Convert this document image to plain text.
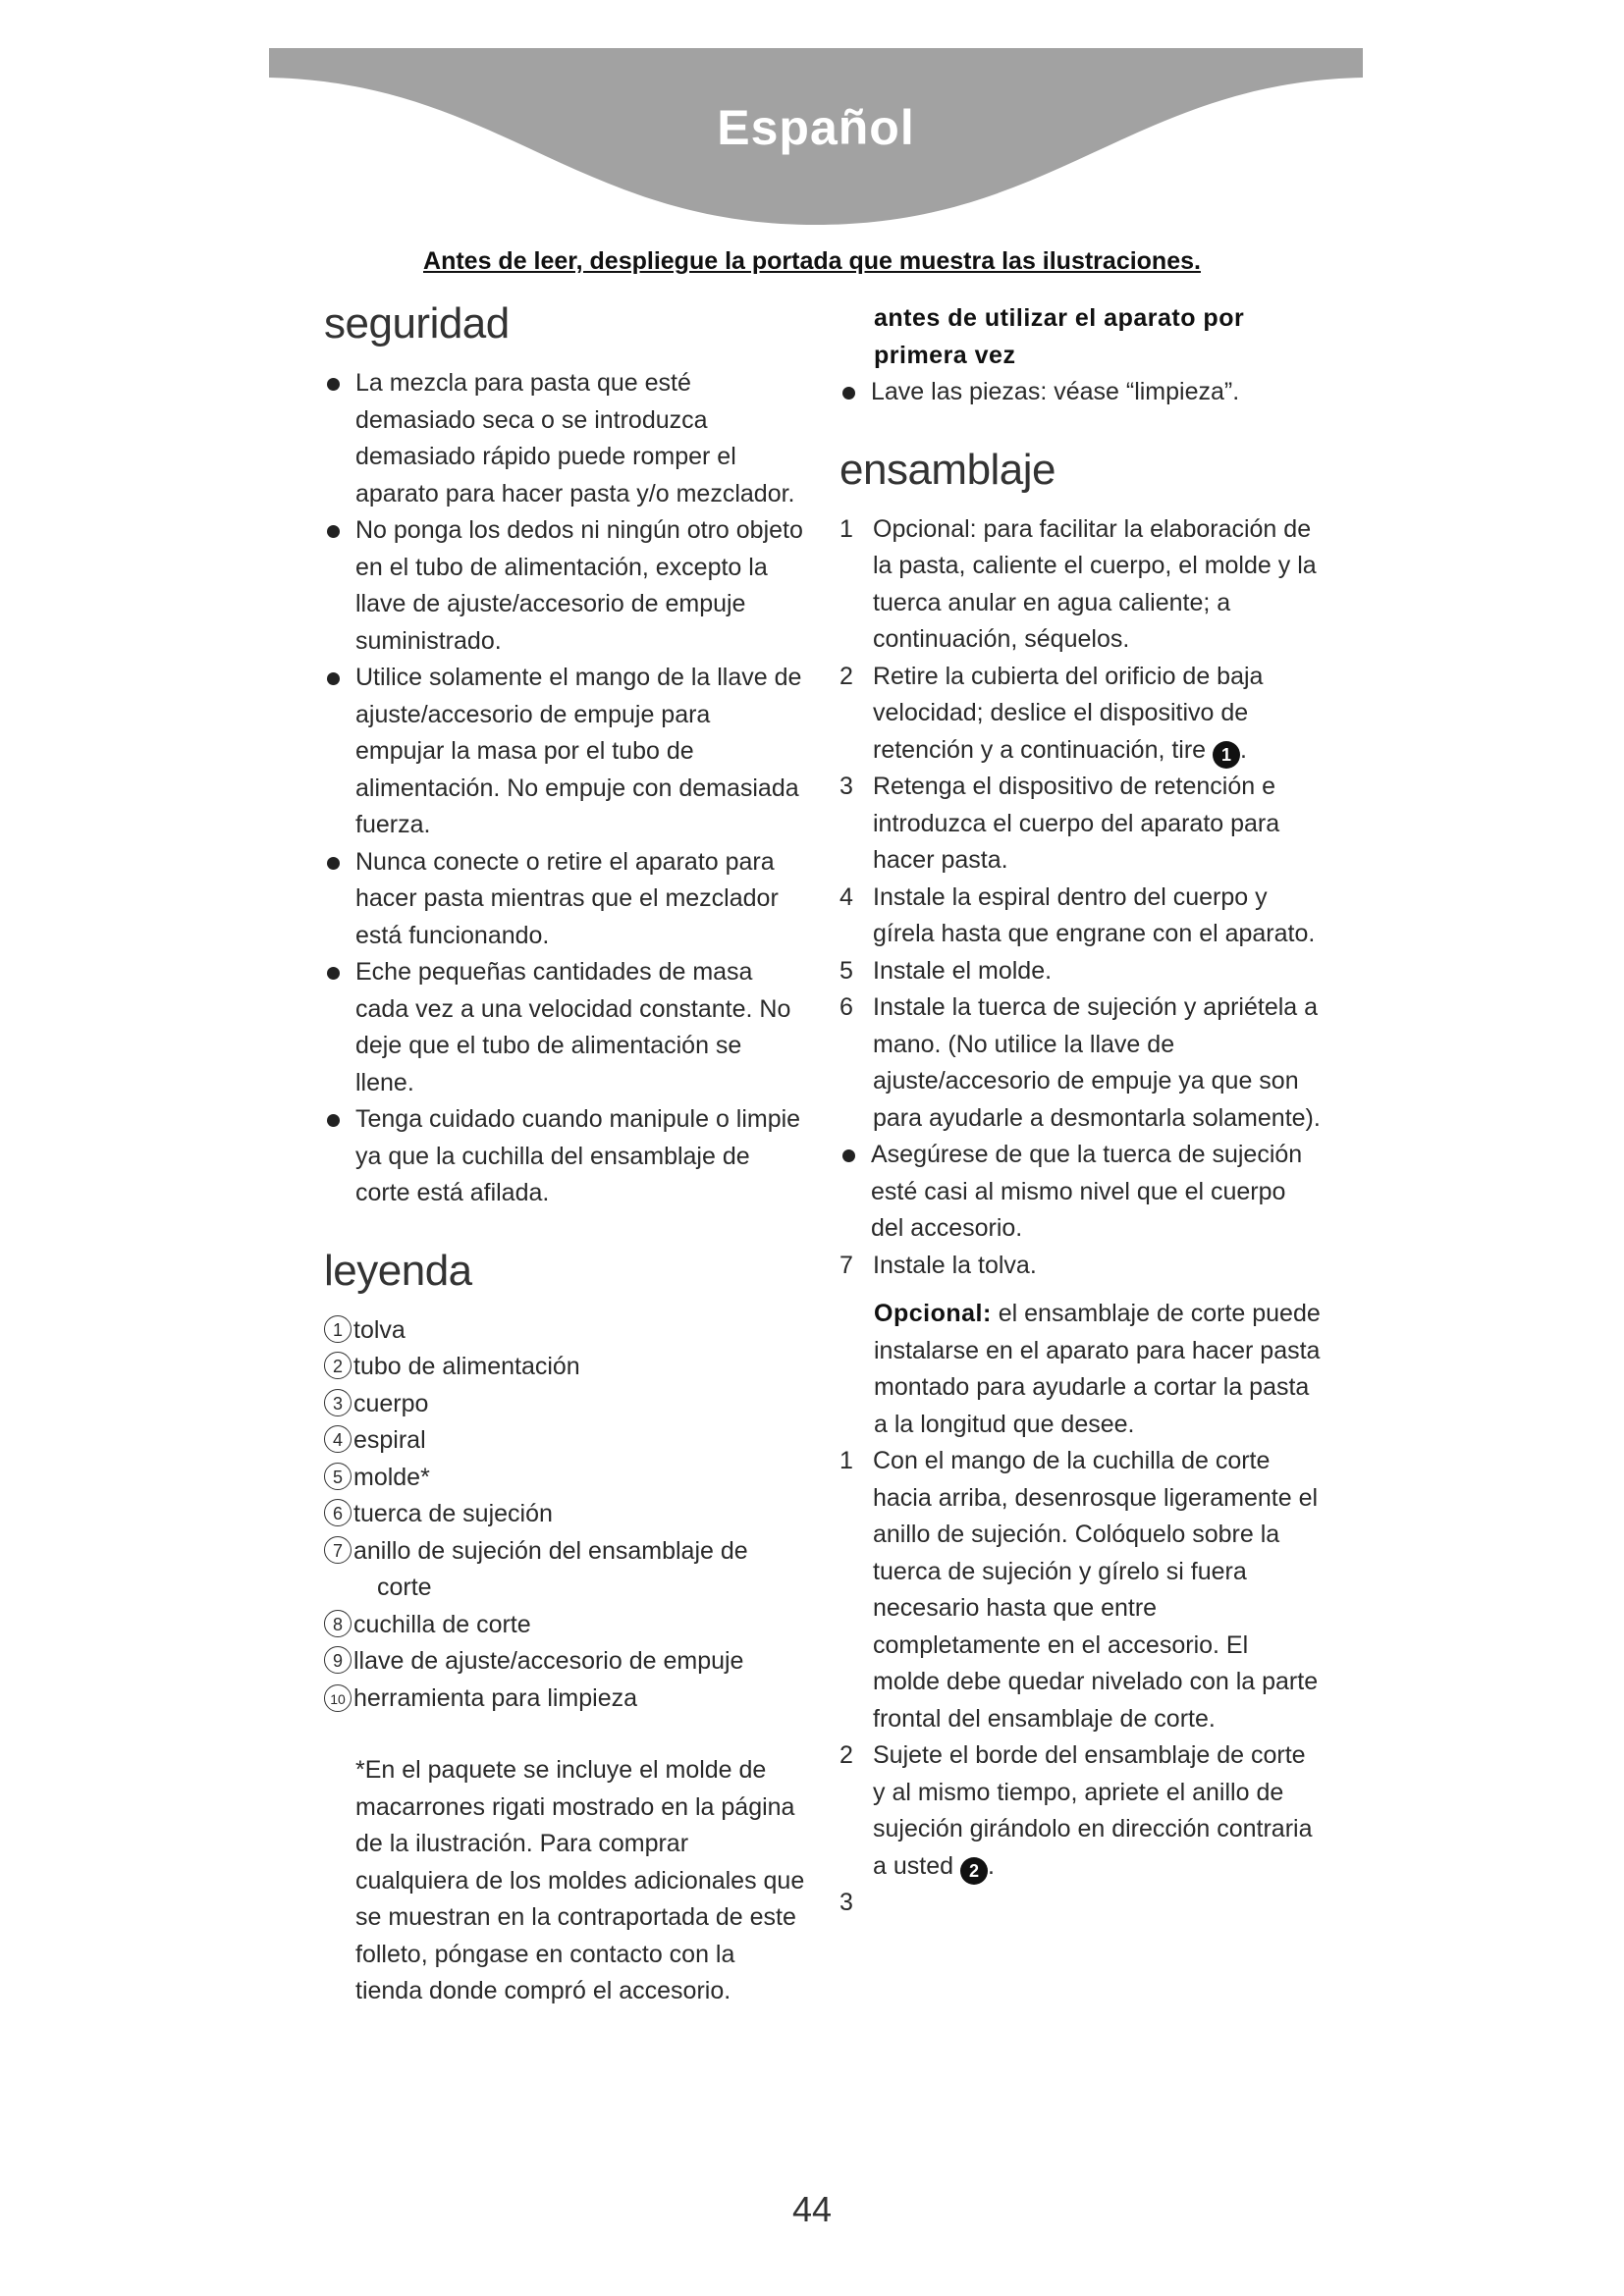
Español
Antes de leer, despliegue la portada que muestra las ilustraciones.
seguridad
La mezcla para pasta que esté demasiado seca o se introduzca demasiado rápido puede romper el aparato para hacer pasta y/o mezclador.
No ponga los dedos ni ningún otro objeto en el tubo de alimentación, excepto la llave de ajuste/accesorio de empuje suministrado.
Utilice solamente el mango de la llave de ajuste/accesorio de empuje para empujar la masa por el tubo de alimentación. No empuje con demasiada fuerza.
Nunca conecte o retire el aparato para hacer pasta mientras que el mezclador está funcionando.
Eche pequeñas cantidades de masa cada vez a una velocidad constante. No deje que el tubo de alimentación se llene.
Tenga cuidado cuando manipule o limpie ya que la cuchilla del ensamblaje de corte está afilada.
leyenda
1 tolva
2 tubo de alimentación
3 cuerpo
4 espiral
5 molde*
6 tuerca de sujeción
7 anillo de sujeción del ensamblaje de corte
8 cuchilla de corte
9 llave de ajuste/accesorio de empuje
10 herramienta para limpieza

*En el paquete se incluye el molde de macarrones rigati mostrado en la página de la ilustración. Para comprar cualquiera de los moldes adicionales que se muestran en la contraportada de este folleto, póngase en contacto con la tienda donde compró el accesorio.

antes de utilizar el aparato por primera vez

Lave las piezas: véase “limpieza”.
ensamblaje
1 Opcional: para facilitar la elaboración de la pasta, caliente el cuerpo, el molde y la tuerca anular en agua caliente; a continuación, séquelos.
2 Retire la cubierta del orificio de baja velocidad; deslice el dispositivo de retención y a continuación, tire 1 .
3 Retenga el dispositivo de retención e introduzca el cuerpo del aparato para hacer pasta.
4 Instale la espiral dentro del cuerpo y gírela hasta que engrane con el aparato.
5 Instale el molde.
6 Instale la tuerca de sujeción y apriétela a mano. (No utilice la llave de ajuste/accesorio de empuje ya que son para ayudarle a desmontarla solamente).
Asegúrese de que la tuerca de sujeción esté casi al mismo nivel que el cuerpo del accesorio.
7 Instale la tolva.

Opcional: el ensamblaje de corte puede instalarse en el aparato para hacer pasta montado para ayudarle a cortar la pasta a la longitud que desee.

1 Con el mango de la cuchilla de corte hacia arriba, desenrosque ligeramente el anillo de sujeción. Colóquelo sobre la tuerca de sujeción y gírelo si fuera necesario hasta que entre completamente en el accesorio. El molde debe quedar nivelado con la parte frontal del ensamblaje de corte.
2 Sujete el borde del ensamblaje de corte y al mismo tiempo, apriete el anillo de sujeción girándolo en dirección contraria a usted 2 .
3

44
